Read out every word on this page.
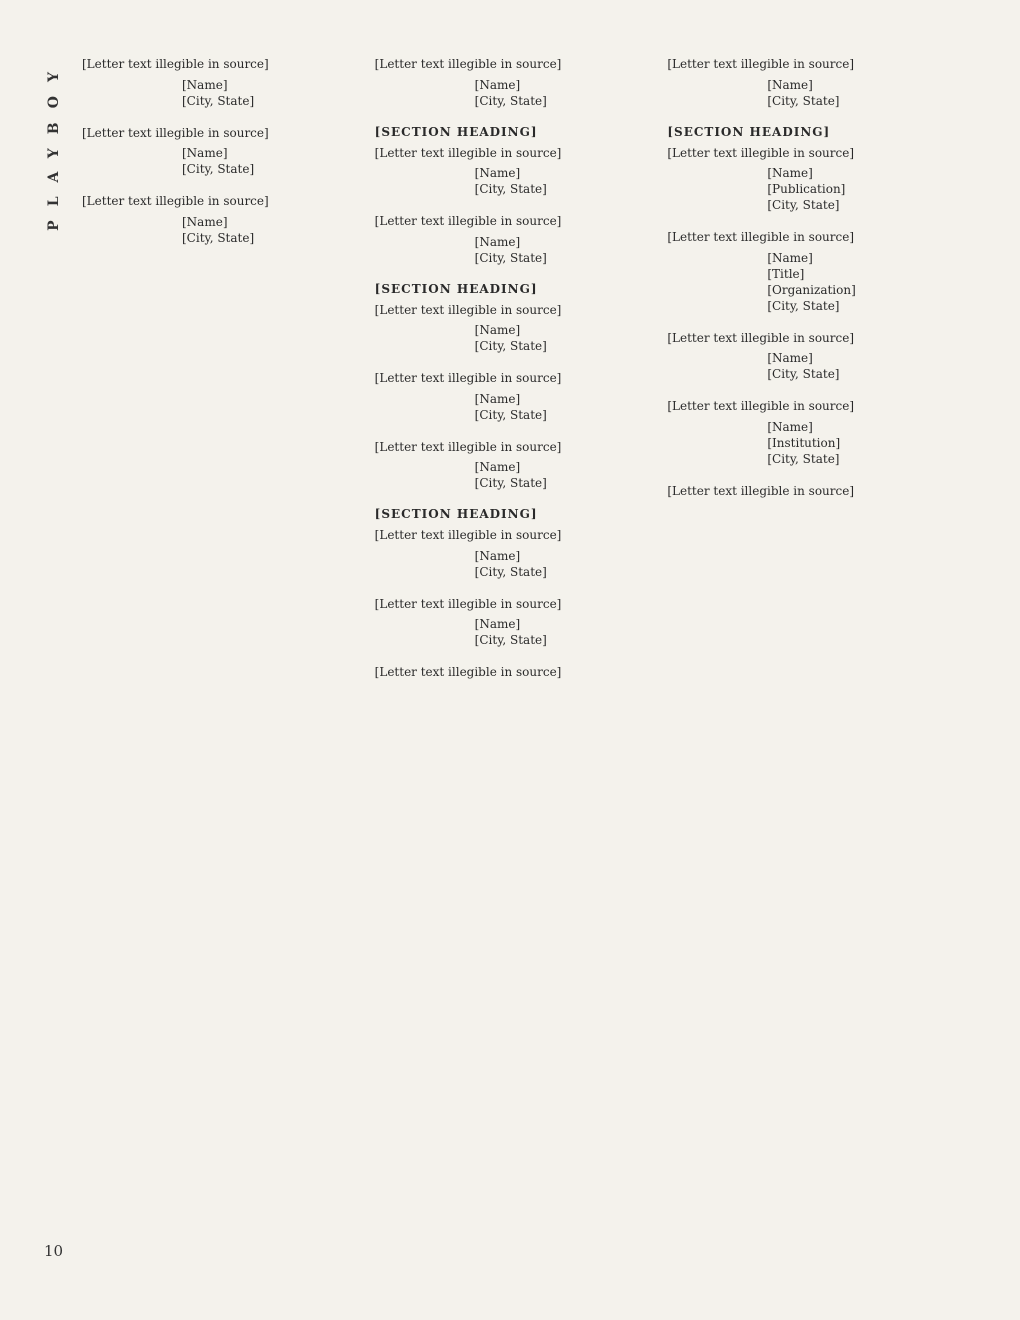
PLAYBOY
10

[Letter text illegible in source]

[Name]
[City, State]

[Letter text illegible in source]

[Name]
[City, State]

[Letter text illegible in source]

[Name]
[City, State]

[Letter text illegible in source]

[Name]
[City, State]
[SECTION HEADING]

[Letter text illegible in source]

[Name]
[City, State]

[Letter text illegible in source]

[Name]
[City, State]
[SECTION HEADING]

[Letter text illegible in source]

[Name]
[City, State]

[Letter text illegible in source]

[Name]
[City, State]

[Letter text illegible in source]

[Name]
[City, State]
[SECTION HEADING]

[Letter text illegible in source]

[Name]
[City, State]

[Letter text illegible in source]

[Name]
[City, State]

[Letter text illegible in source]

[Letter text illegible in source]

[Name]
[City, State]
[SECTION HEADING]

[Letter text illegible in source]

[Name]
[Publication]
[City, State]

[Letter text illegible in source]

[Name]
[Title]
[Organization]
[City, State]

[Letter text illegible in source]

[Name]
[City, State]

[Letter text illegible in source]

[Name]
[Institution]
[City, State]

[Letter text illegible in source]
